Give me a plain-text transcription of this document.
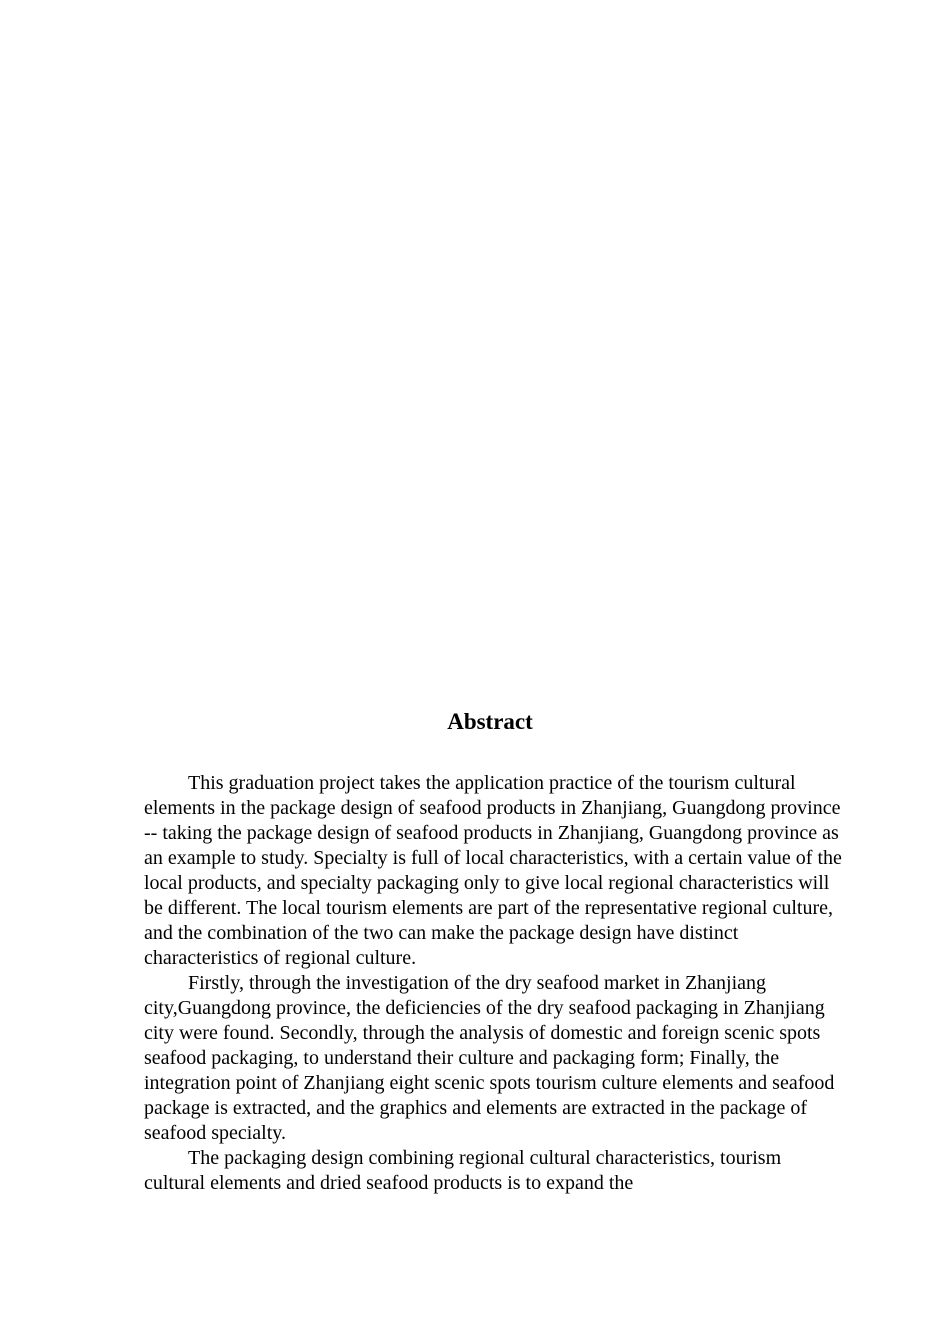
Abstract

This graduation project takes the application practice of the tourism cultural elements in the package design of seafood products in Zhanjiang, Guangdong province -- taking the package design of seafood products in Zhanjiang, Guangdong province as an example to study. Specialty is full of local characteristics, with a certain value of the local products, and specialty packaging only to give local regional characteristics will be different. The local tourism elements are part of the representative regional culture, and the combination of the two can make the package design have distinct characteristics of regional culture.

Firstly, through the investigation of the dry seafood market in Zhanjiang city,Guangdong province, the deficiencies of the dry seafood packaging in Zhanjiang city were found. Secondly, through the analysis of domestic and foreign scenic spots seafood packaging, to understand their culture and packaging form; Finally, the integration point of Zhanjiang eight scenic spots tourism culture elements and seafood package is extracted, and the graphics and elements are extracted in the package of seafood specialty.

The packaging design combining regional cultural characteristics, tourism cultural elements and dried seafood products is to expand the
